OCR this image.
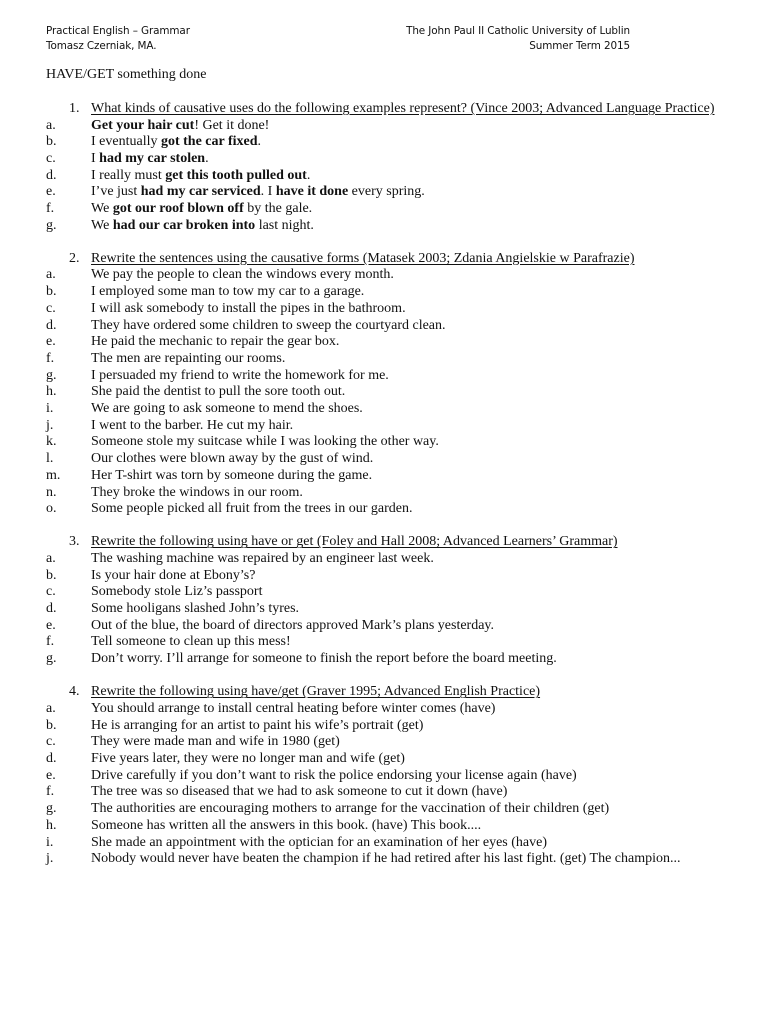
Practical English – Grammar	The John Paul II Catholic University of Lublin
Tomasz Czerniak, MA.	Summer Term 2015
HAVE/GET something done
1. What kinds of causative uses do the following examples represent? (Vince 2003; Advanced Language Practice)
a.	Get your hair cut! Get it done!
b.	I eventually got the car fixed.
c.	I had my car stolen.
d.	I really must get this tooth pulled out.
e.	I’ve just had my car serviced. I have it done every spring.
f.	We got our roof blown off by the gale.
g.	We had our car broken into last night.
2. Rewrite the sentences using the causative forms (Matasek 2003; Zdania Angielskie w Parafrazie)
a.	We pay the people to clean the windows every month.
b.	I employed some man to tow my car to a garage.
c.	I will ask somebody to install the pipes in the bathroom.
d.	They have ordered some children to sweep the courtyard clean.
e.	He paid the mechanic to repair the gear box.
f.	The men are repainting our rooms.
g.	I persuaded my friend to write the homework for me.
h.	She paid the dentist to pull the sore tooth out.
i.	We are going to ask someone to mend the shoes.
j.	I went to the barber. He cut my hair.
k.	Someone stole my suitcase while I was looking the other way.
l.	Our clothes were blown away by the gust of wind.
m.	Her T-shirt was torn by someone during the game.
n.	They broke the windows in our room.
o.	Some people picked all fruit from the trees in our garden.
3. Rewrite the following using have or get (Foley and Hall 2008; Advanced Learners’ Grammar)
a.	The washing machine was repaired by an engineer last week.
b.	Is your hair done at Ebony’s?
c.	Somebody stole Liz’s passport
d.	Some hooligans slashed John’s tyres.
e.	Out of the blue, the board of directors approved Mark’s plans yesterday.
f.	Tell someone to clean up this mess!
g.	Don’t worry. I’ll arrange for someone to finish the report before the board meeting.
4. Rewrite the following using have/get (Graver 1995; Advanced English Practice)
a.	You should arrange to install central heating before winter comes (have)
b.	He is arranging for an artist to paint his wife’s portrait (get)
c.	They were made man and wife in 1980 (get)
d.	Five years later, they were no longer man and wife (get)
e.	Drive carefully if you don’t want to risk the police endorsing your license again (have)
f.	The tree was so diseased that we had to ask someone to cut it down (have)
g.	The authorities are encouraging mothers to arrange for the vaccination of their children (get)
h.	Someone has written all the answers in this book. (have) This book....
i.	She made an appointment with the optician for an examination of her eyes (have)
j.	Nobody would never have beaten the champion if he had retired after his last fight. (get) The champion...
